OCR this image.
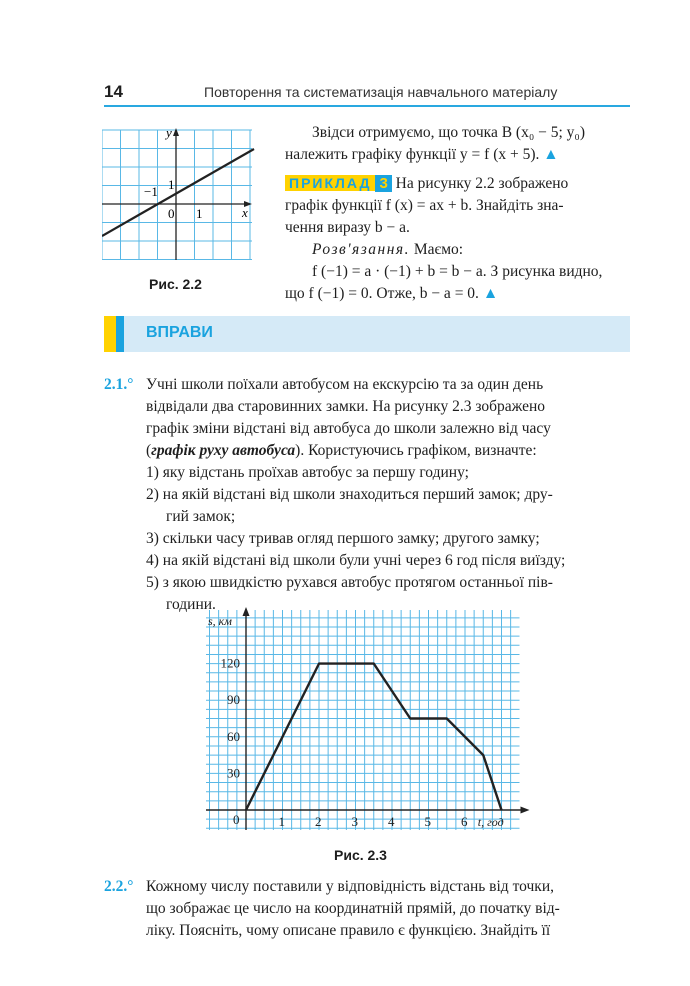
14	Повторення та систематизація навчального матеріалу
y
x
−1 1
0 1
Рис. 2.2
Звідси отримуємо, що точка B (x₀ − 5; y₀)
належить графіку функції y = f (x + 5). ▲
ПРИКЛАД 3 На рисунку 2.2 зображено
графік функції f (x) = ax + b. Знайдіть зна-
чення виразу b − a.
Розв'язання. Маємо:
f (−1) = a · (−1) + b = b − a. З рисунка видно,
що f (−1) = 0. Отже, b − a = 0. ▲
ВПРАВИ
2.1.° Учні школи поїхали автобусом на екскурсію та за один день
відвідали два старовинних замки. На рисунку 2.3 зображено
графік зміни відстані від автобуса до школи залежно від часу
(графік руху автобуса). Користуючись графіком, визначте:
1) яку відстань проїхав автобус за першу годину;
2) на якій відстані від школи знаходиться перший замок; дру-
гий замок;
3) скільки часу тривав огляд першого замку; другого замку;
4) на якій відстані від школи були учні через 6 год після виїзду;
5) з якою швидкістю рухався автобус протягом останньої пів-
години.
s, км
t, год
0	1 2 3 4 5 6
30
60
90
120
Рис. 2.3
2.2.° Кожному числу поставили у відповідність відстань від точки,
що зображає це число на координатній прямій, до початку від-
ліку. Поясніть, чому описане правило є функцією. Знайдіть її
